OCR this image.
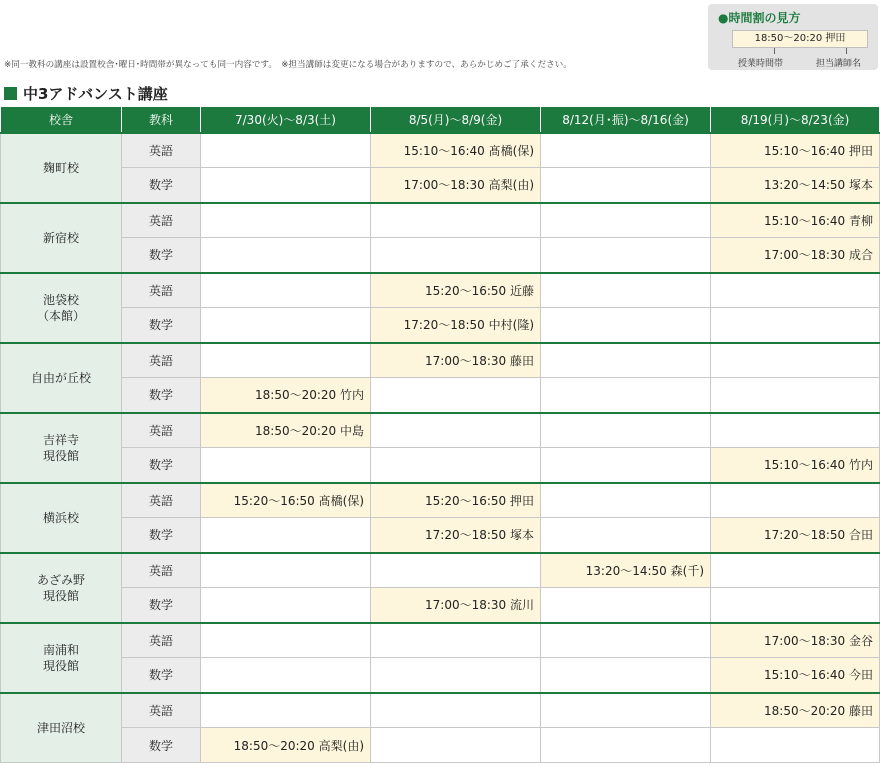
●時間割の見方
18:50〜20:20 押田
授業時間帯	担当講師名
※同一教科の講座は設置校舎･曜日･時間帯が異なっても同一内容です。　※担当講師は変更になる場合がありますので、あらかじめご了承ください。
中3アドバンスト講座
校舎	教科	7/30(火)〜8/3(土)	8/5(月)〜8/9(金)	8/12(月･振)〜8/16(金)	8/19(月)〜8/23(金)

麹町校	英語		15:10〜16:40 髙橋(保)		15:10〜16:40 押田
	数学		17:00〜18:30 高梨(由)		13:20〜14:50 塚本

新宿校	英語				15:10〜16:40 青柳
	数学				17:00〜18:30 成合

池袋校
（本館）	英語		15:20〜16:50 近藤		
	数学		17:20〜18:50 中村(隆)		

自由が丘校	英語		17:00〜18:30 藤田		
	数学	18:50〜20:20 竹内			

吉祥寺
現役館	英語	18:50〜20:20 中島			
	数学				15:10〜16:40 竹内

横浜校	英語	15:20〜16:50 髙橋(保)	15:20〜16:50 押田		
	数学		17:20〜18:50 塚本		17:20〜18:50 合田

あざみ野
現役館	英語			13:20〜14:50 森(千)	
	数学		17:00〜18:30 流川		

南浦和
現役館	英語				17:00〜18:30 金谷
	数学				15:10〜16:40 今田

津田沼校	英語				18:50〜20:20 藤田
	数学	18:50〜20:20 高梨(由)			
